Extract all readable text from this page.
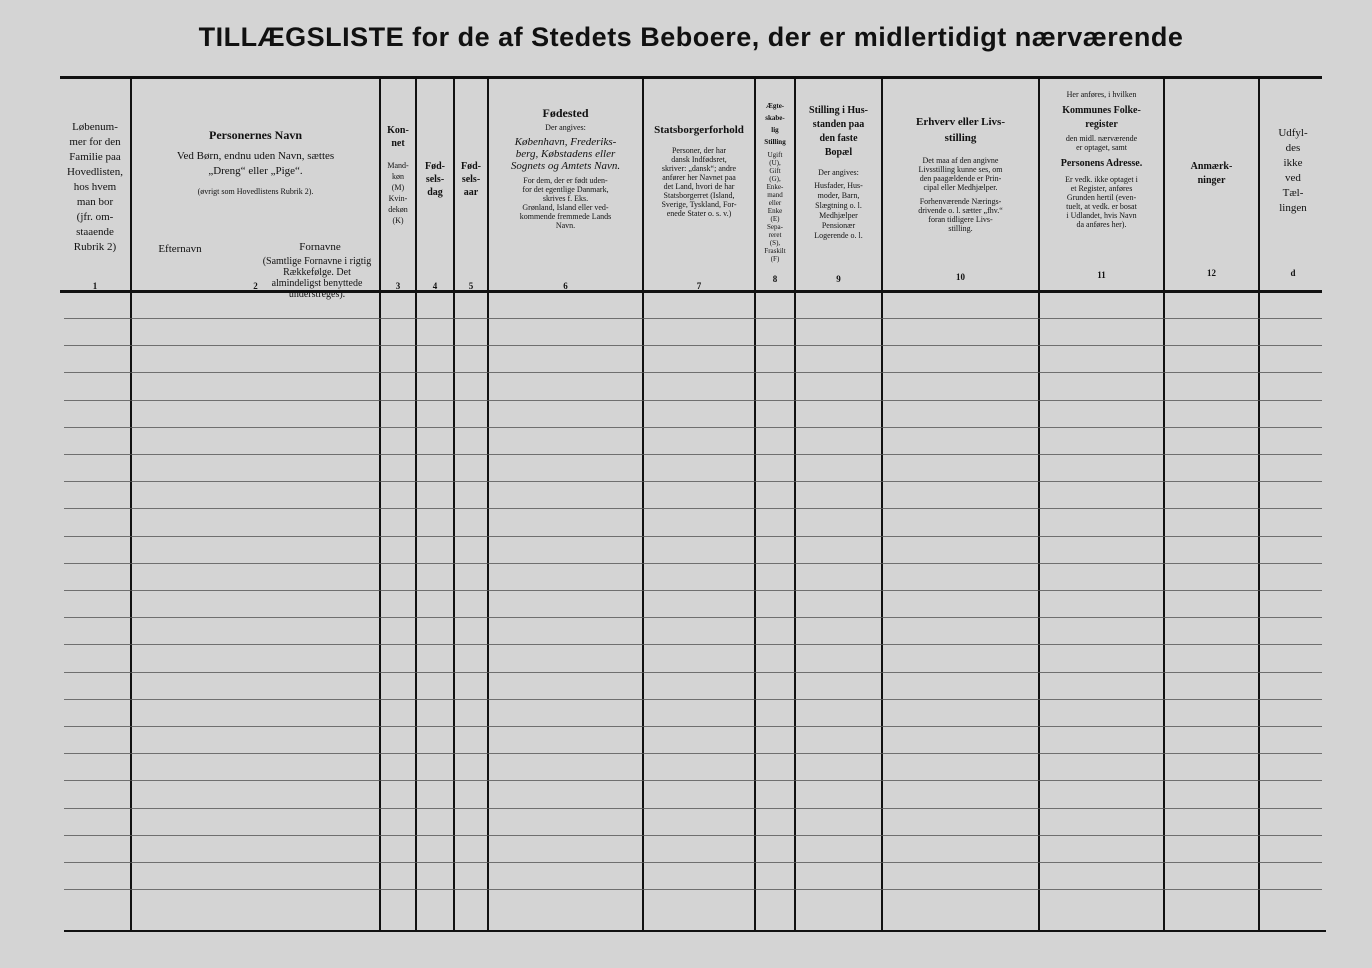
TILLÆGSLISTE for de af Stedets Beboere, der er midlertidigt nærværende
Løbenum-
mer for den
Familie paa
Hovedlisten,
hos hvem
man bor
(jfr. om-
staaende
Rubrik 2)
1
Personernes Navn
Ved Børn, endnu uden Navn, sættes
„Dreng“ eller „Pige“.
(øvrigt som Hovedlistens Rubrik 2).
Efternavn	Fornavne
(Samtlige Fornavne i rigtig Rækkefølge. Det almindeligst benyttede understreges).
2
Kon-
net
Mand-
køn
(M)
Kvin-
dekøn
(K)
3
Fød-
sels-
dag
4
Fød-
sels-
aar
5
Fødested
Der angives:
København, Frederiks-
berg, Købstadens eller
Sognets og Amtets Navn.
For dem, der er født uden-
for det egentlige Danmark,
skrives f. Eks.
Grønland, Island eller ved-
kommende fremmede Lands
Navn.
6
Statsborgerforhold
Personer, der har
dansk Indfødsret,
skriver: „dansk“; andre
anfører her Navnet paa
det Land, hvori de har
Statsborgerret (Island,
Sverige, Tyskland, For-
enede Stater o. s. v.)
7
Ægte-
skabe-
lig
Stilling
Ugift
(U),
Gift
(G),
Enke-
mand
eller
Enke
(E)
Sepa-
reret
(S),
Fraskilt
(F)
8
Stilling i Hus-
standen paa
den faste
Bopæl
Der angives:
Husfader, Hus-
moder, Barn,
Slægtning o. l.
Medhjælper
Pensionær
Logerende o. l.
9
Erhverv eller Livs-
stilling
Det maa af den angivne
Livsstilling kunne ses, om
den paagældende er Prin-
cipal eller Medhjælper.
Forhenværende Nærings-
drivende o. l. sætter „fhv.“
foran tidligere Livs-
stilling.
10
Her anføres, i hvilken
Kommunes Folke-
register
den midl. nærværende
er optaget, samt
Personens Adresse.
Er vedk. ikke optaget i
et Register, anføres
Grunden hertil (even-
tuelt, at vedk. er bosat
i Udlandet, hvis Navn
da anføres her).
11
Anmærk-
ninger
12
Udfyl-
des
ikke
ved
Tæl-
lingen
d
